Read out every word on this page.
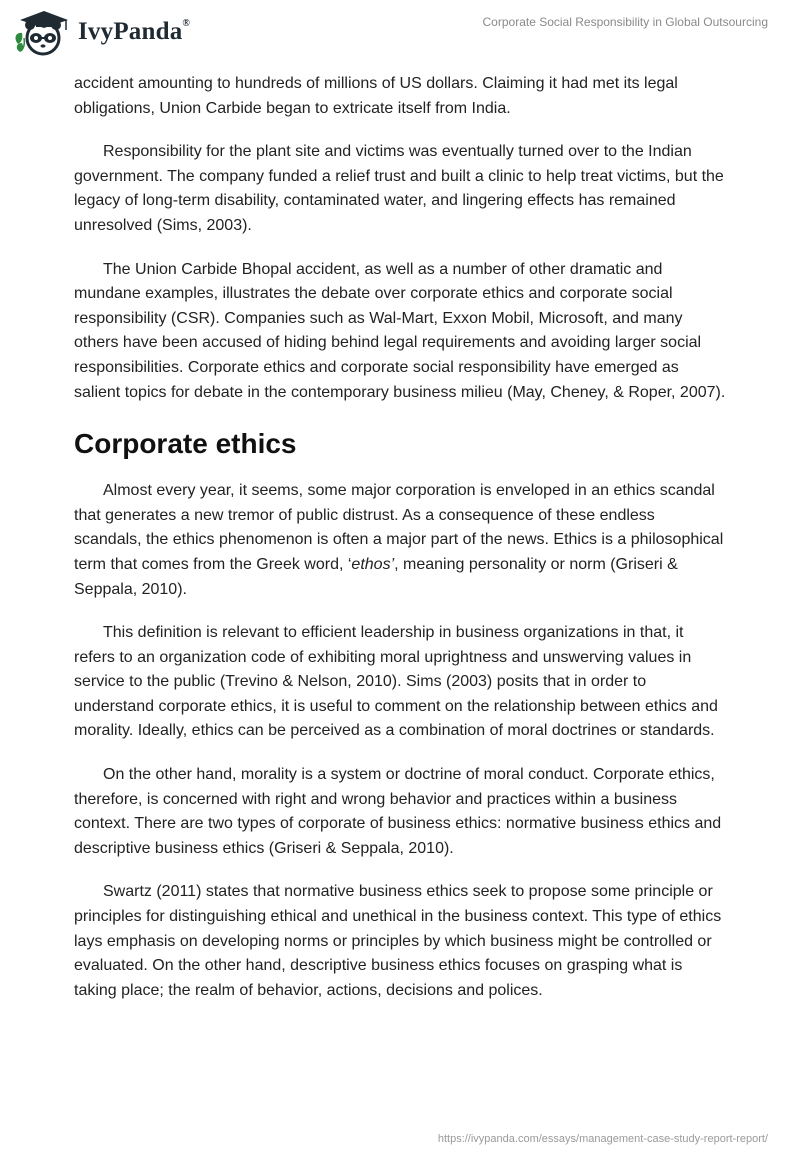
IvyPanda®	Corporate Social Responsibility in Global Outsourcing

accident amounting to hundreds of millions of US dollars. Claiming it had met its legal obligations, Union Carbide began to extricate itself from India.

Responsibility for the plant site and victims was eventually turned over to the Indian government. The company funded a relief trust and built a clinic to help treat victims, but the legacy of long-term disability, contaminated water, and lingering effects has remained unresolved (Sims, 2003).

The Union Carbide Bhopal accident, as well as a number of other dramatic and mundane examples, illustrates the debate over corporate ethics and corporate social responsibility (CSR). Companies such as Wal-Mart, Exxon Mobil, Microsoft, and many others have been accused of hiding behind legal requirements and avoiding larger social responsibilities. Corporate ethics and corporate social responsibility have emerged as salient topics for debate in the contemporary business milieu (May, Cheney, & Roper, 2007).

Corporate ethics

Almost every year, it seems, some major corporation is enveloped in an ethics scandal that generates a new tremor of public distrust. As a consequence of these endless scandals, the ethics phenomenon is often a major part of the news. Ethics is a philosophical term that comes from the Greek word, ‘ethos’, meaning personality or norm (Griseri & Seppala, 2010).

This definition is relevant to efficient leadership in business organizations in that, it refers to an organization code of exhibiting moral uprightness and unswerving values in service to the public (Trevino & Nelson, 2010). Sims (2003) posits that in order to understand corporate ethics, it is useful to comment on the relationship between ethics and morality. Ideally, ethics can be perceived as a combination of moral doctrines or standards.

On the other hand, morality is a system or doctrine of moral conduct. Corporate ethics, therefore, is concerned with right and wrong behavior and practices within a business context. There are two types of corporate of business ethics: normative business ethics and descriptive business ethics (Griseri & Seppala, 2010).

Swartz (2011) states that normative business ethics seek to propose some principle or principles for distinguishing ethical and unethical in the business context. This type of ethics lays emphasis on developing norms or principles by which business might be controlled or evaluated. On the other hand, descriptive business ethics focuses on grasping what is taking place; the realm of behavior, actions, decisions and polices.

https://ivypanda.com/essays/management-case-study-report-report/
